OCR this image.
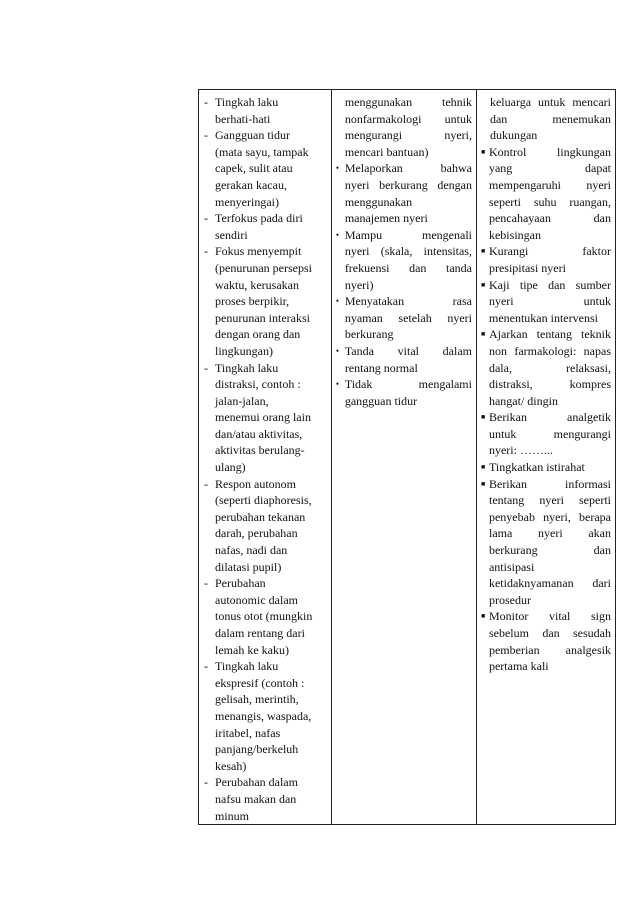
- Tingkah laku
berhati-hati
- Gangguan tidur
(mata sayu, tampak
capek, sulit atau
gerakan kacau,
menyeringai)
- Terfokus pada diri
sendiri
- Fokus menyempit
(penurunan persepsi
waktu, kerusakan
proses berpikir,
penurunan interaksi
dengan orang dan
lingkungan)
- Tingkah laku
distraksi, contoh :
jalan-jalan,
menemui orang lain
dan/atau aktivitas,
aktivitas berulang-
ulang)
- Respon autonom
(seperti diaphoresis,
perubahan tekanan
darah, perubahan
nafas, nadi dan
dilatasi pupil)
- Perubahan
autonomic dalam
tonus otot (mungkin
dalam rentang dari
lemah ke kaku)
- Tingkah laku
ekspresif (contoh :
gelisah, merintih,
menangis, waspada,
iritabel, nafas
panjang/berkeluh
kesah)
- Perubahan dalam
nafsu makan dan
minum

menggunakan tehnik
nonfarmakologi untuk
mengurangi nyeri,
mencari bantuan)
• Melaporkan bahwa
nyeri berkurang dengan
menggunakan
manajemen nyeri
• Mampu mengenali
nyeri (skala, intensitas,
frekuensi dan tanda
nyeri)
• Menyatakan rasa
nyaman setelah nyeri
berkurang
• Tanda vital dalam
rentang normal
• Tidak mengalami
gangguan tidur

keluarga untuk mencari
dan menemukan
dukungan
■ Kontrol lingkungan
yang dapat
mempengaruhi nyeri
seperti suhu ruangan,
pencahayaan dan
kebisingan
■ Kurangi faktor
presipitasi nyeri
■ Kaji tipe dan sumber
nyeri untuk
menentukan intervensi
■ Ajarkan tentang teknik
non farmakologi: napas
dala, relaksasi,
distraksi, kompres
hangat/ dingin
■ Berikan analgetik
untuk mengurangi
nyeri: ……...
■ Tingkatkan istirahat
■ Berikan informasi
tentang nyeri seperti
penyebab nyeri, berapa
lama nyeri akan
berkurang dan
antisipasi
ketidaknyamanan dari
prosedur
■ Monitor vital sign
sebelum dan sesudah
pemberian analgesik
pertama kali
